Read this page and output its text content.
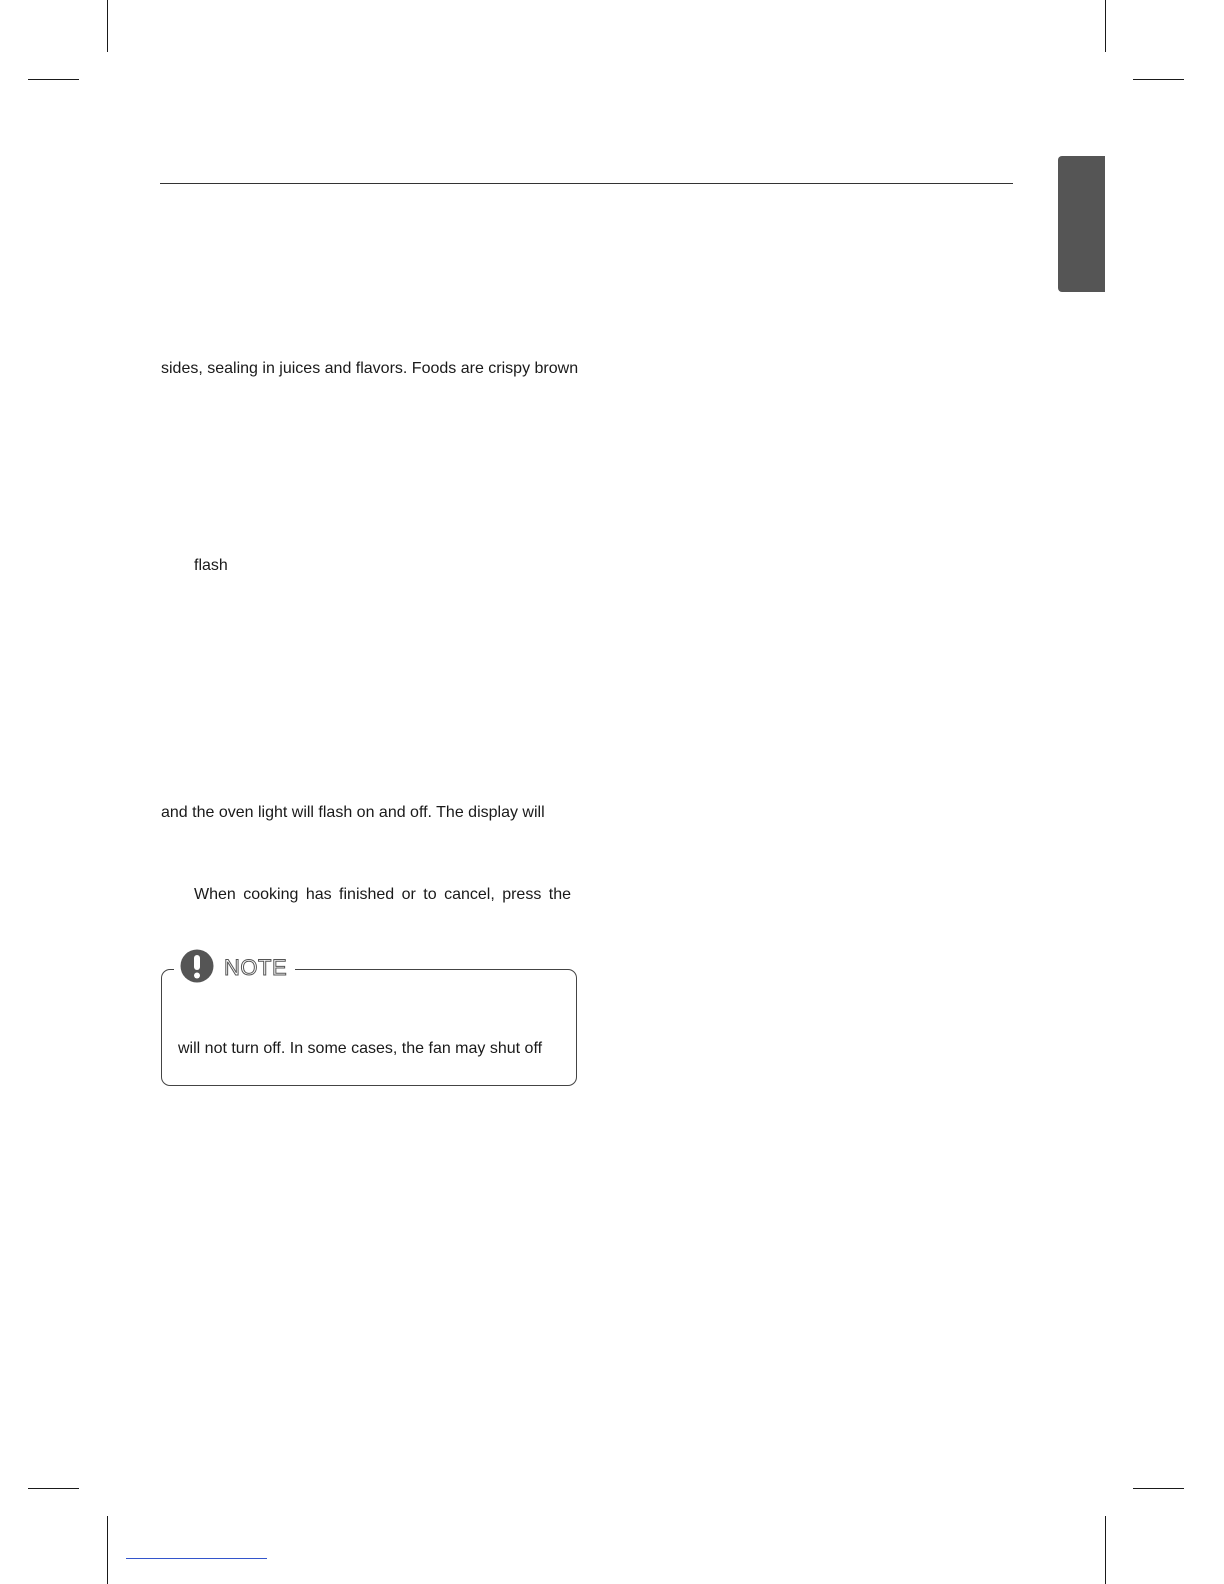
sides, sealing in juices and flavors. Foods are crispy brown
flash
and the oven light will flash on and off. The display will
When cooking has finished or to cancel, press the
NOTE
will not turn off. In some cases, the fan may shut off
